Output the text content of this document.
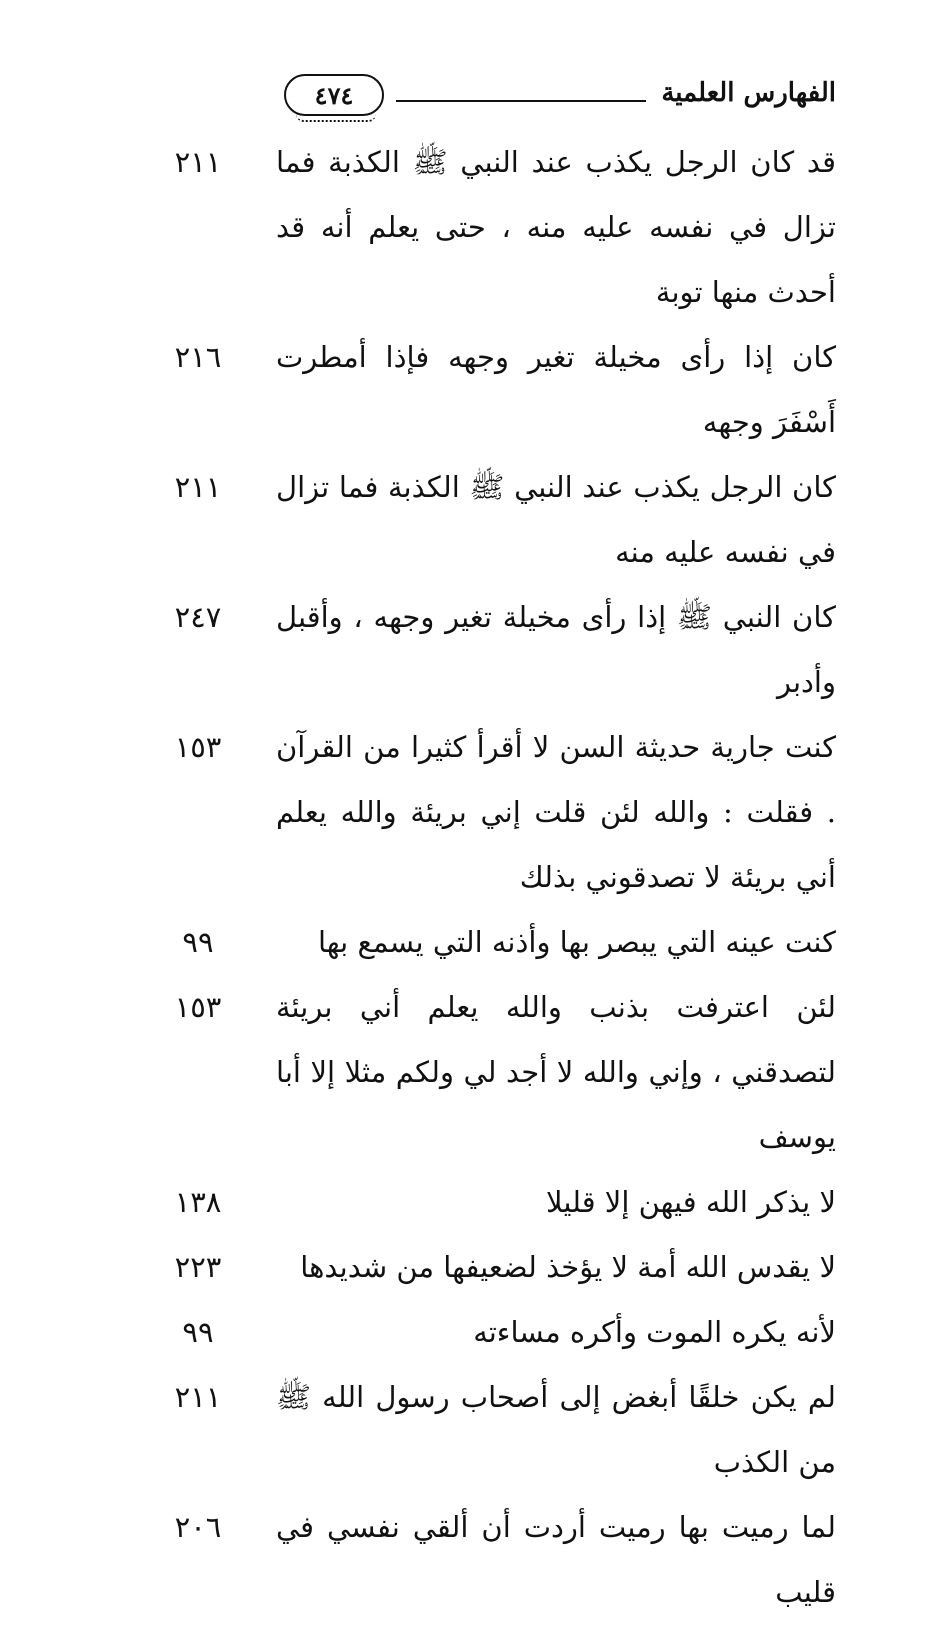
الفهارس العلمية
٤٧٤
قد كان الرجل يكذب عند النبي ﷺ الكذبة فما تزال في نفسه عليه منه ، حتى يعلم أنه قد أحدث منها توبة
٢١١
كان إذا رأى مخيلة تغير وجهه فإذا أمطرت أَسْفَرَ وجهه
٢١٦
كان الرجل يكذب عند النبي ﷺ الكذبة فما تزال في نفسه عليه منه
٢١١
كان النبي ﷺ إذا رأى مخيلة تغير وجهه ، وأقبل وأدبر
٢٤٧
كنت جارية حديثة السن لا أقرأ كثيرا من القرآن . فقلت : والله لئن قلت إني بريئة والله يعلم أني بريئة لا تصدقوني بذلك
١٥٣
كنت عينه التي يبصر بها وأذنه التي يسمع بها
٩٩
لئن اعترفت بذنب والله يعلم أني بريئة لتصدقني ، وإني والله لا أجد لي ولكم مثلا إلا أبا يوسف
١٥٣
لا يذكر الله فيهن إلا قليلا
١٣٨
لا يقدس الله أمة لا يؤخذ لضعيفها من شديدها
٢٢٣
لأنه يكره الموت وأكره مساءته
٩٩
لم يكن خلقًا أبغض إلى أصحاب رسول الله ﷺ من الكذب
٢١١
لما رميت بها رميت أردت أن ألقي نفسي في قليب
٢٠٦
